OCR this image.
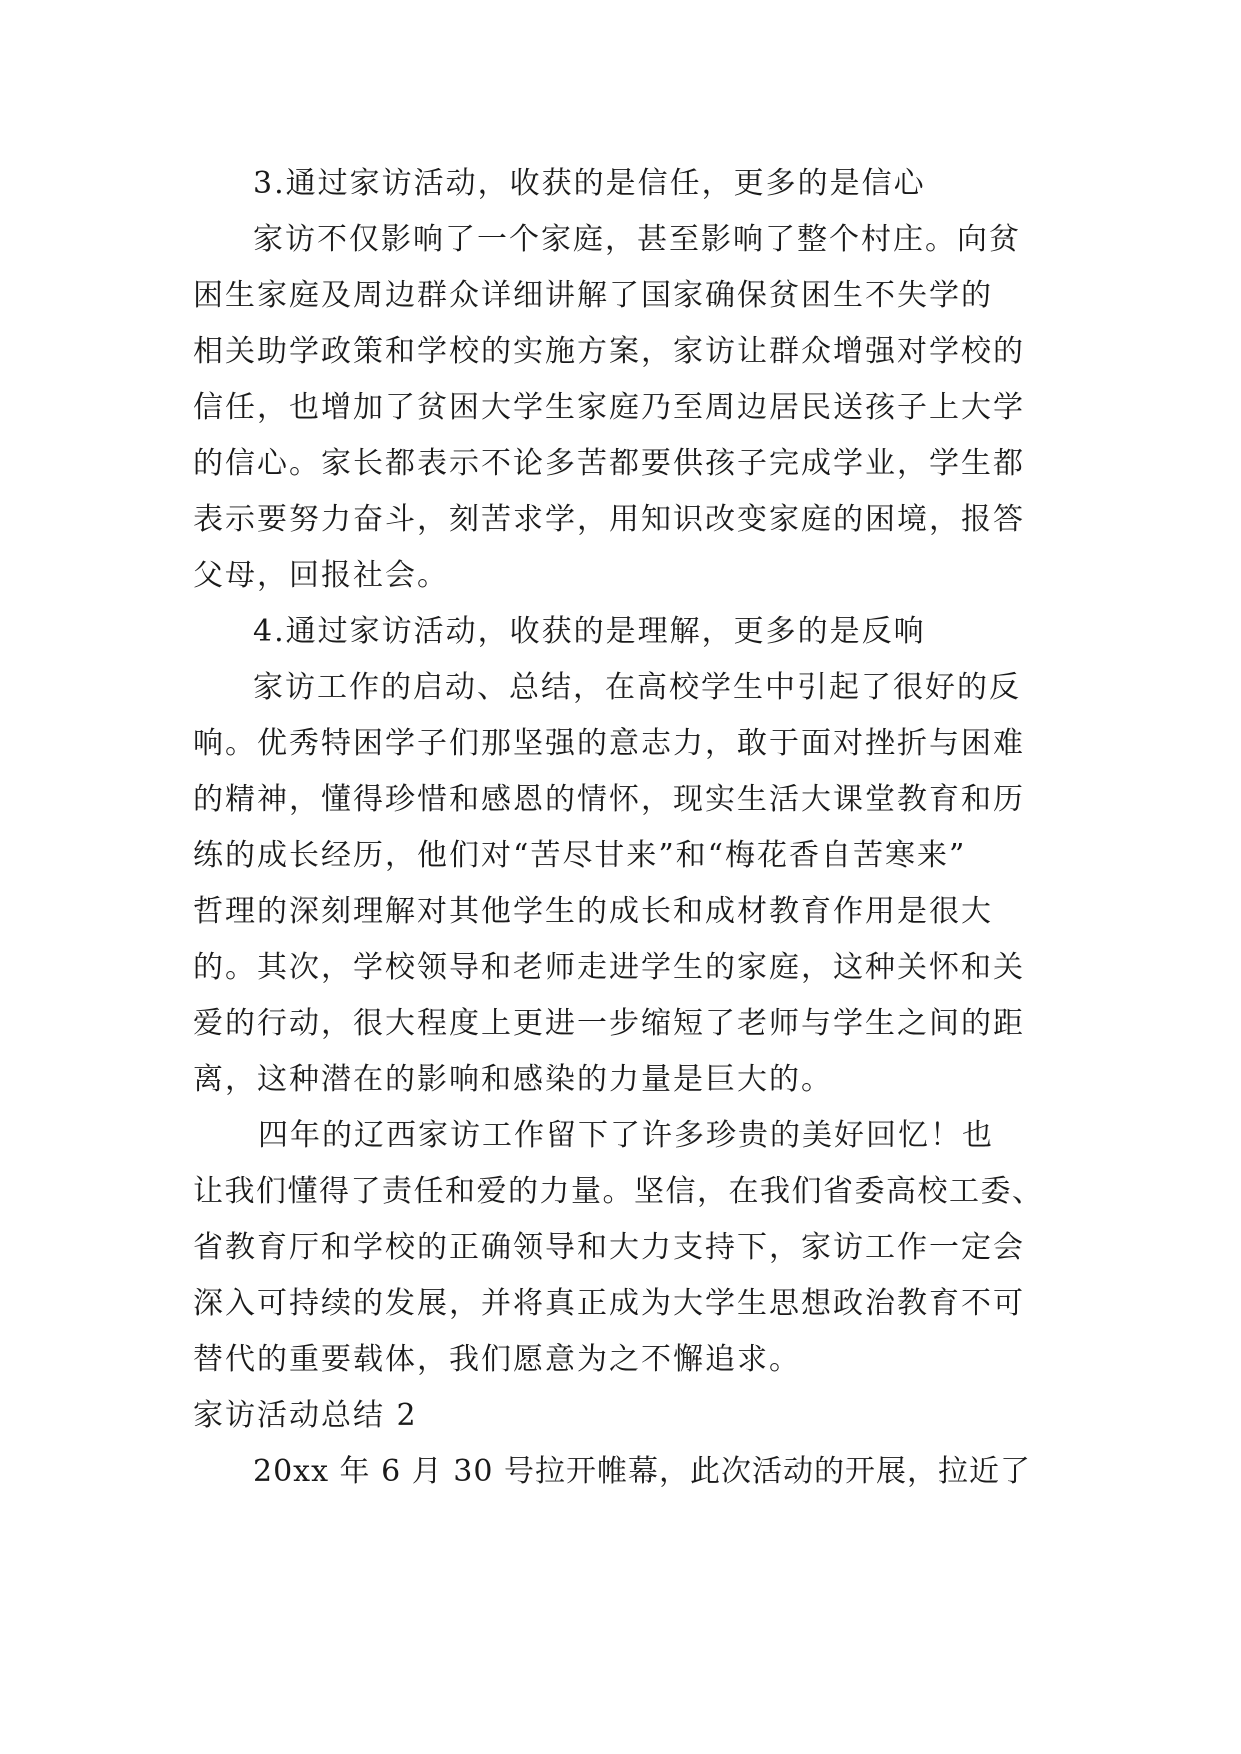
3.通过家访活动，收获的是信任，更多的是信心
家访不仅影响了一个家庭，甚至影响了整个村庄。向贫
困生家庭及周边群众详细讲解了国家确保贫困生不失学的
相关助学政策和学校的实施方案，家访让群众增强对学校的
信任，也增加了贫困大学生家庭乃至周边居民送孩子上大学
的信心。家长都表示不论多苦都要供孩子完成学业，学生都
表示要努力奋斗，刻苦求学，用知识改变家庭的困境，报答
父母，回报社会。
4.通过家访活动，收获的是理解，更多的是反响
家访工作的启动、总结，在高校学生中引起了很好的反
响。优秀特困学子们那坚强的意志力，敢于面对挫折与困难
的精神，懂得珍惜和感恩的情怀，现实生活大课堂教育和历
练的成长经历，他们对“苦尽甘来”和“梅花香自苦寒来”
哲理的深刻理解对其他学生的成长和成材教育作用是很大
的。其次，学校领导和老师走进学生的家庭，这种关怀和关
爱的行动，很大程度上更进一步缩短了老师与学生之间的距
离，这种潜在的影响和感染的力量是巨大的。
四年的辽西家访工作留下了许多珍贵的美好回忆！也
让我们懂得了责任和爱的力量。坚信，在我们省委高校工委、
省教育厅和学校的正确领导和大力支持下，家访工作一定会
深入可持续的发展，并将真正成为大学生思想政治教育不可
替代的重要载体，我们愿意为之不懈追求。
家访活动总结 2
20xx 年 6 月 30 号拉开帷幕，此次活动的开展，拉近了
